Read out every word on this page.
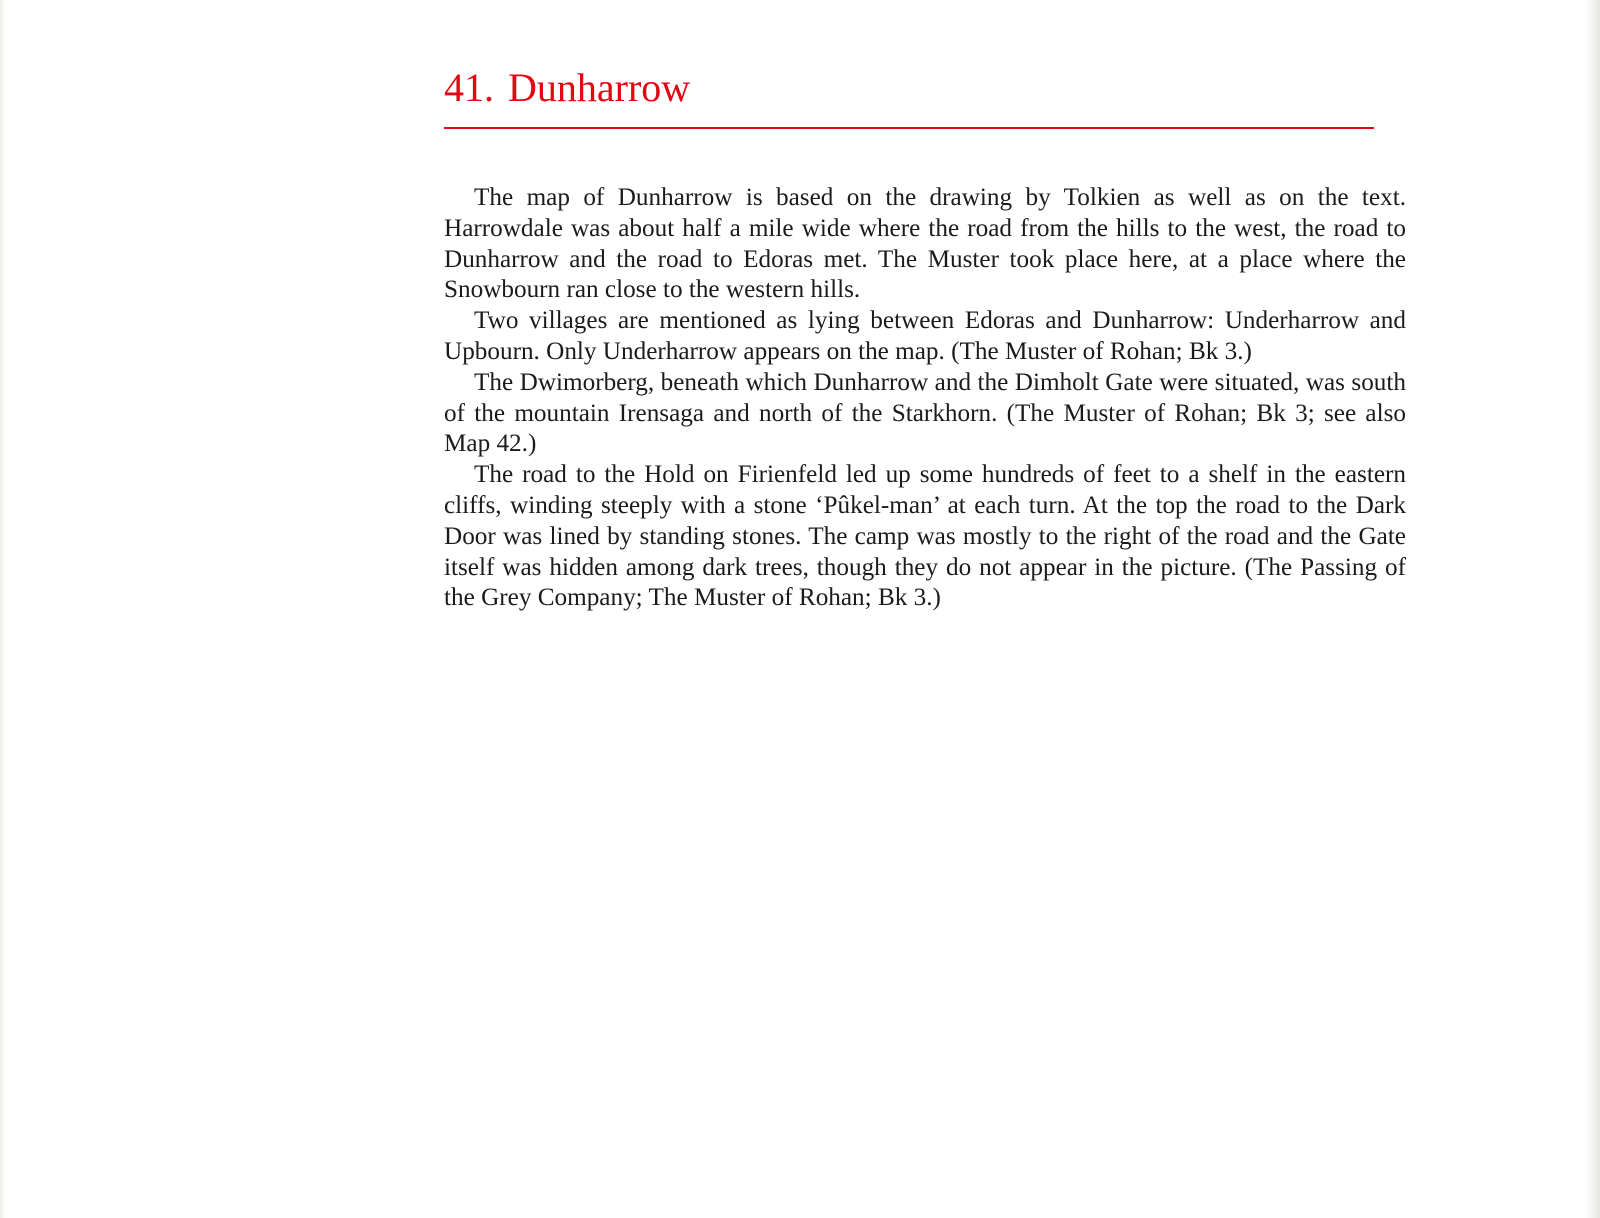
41. Dunharrow

The map of Dunharrow is based on the drawing by Tolkien as well as on the text. Harrowdale was about half a mile wide where the road from the hills to the west, the road to Dunharrow and the road to Edoras met. The Muster took place here, at a place where the Snowbourn ran close to the western hills.

Two villages are mentioned as lying between Edoras and Dunharrow: Underharrow and Upbourn. Only Underharrow appears on the map. (The Muster of Rohan; Bk 3.)

The Dwimorberg, beneath which Dunharrow and the Dimholt Gate were situated, was south of the mountain Irensaga and north of the Starkhorn. (The Muster of Rohan; Bk 3; see also Map 42.)

The road to the Hold on Firienfeld led up some hundreds of feet to a shelf in the eastern cliffs, winding steeply with a stone ‘Pûkel-man’ at each turn. At the top the road to the Dark Door was lined by standing stones. The camp was mostly to the right of the road and the Gate itself was hidden among dark trees, though they do not appear in the picture. (The Passing of the Grey Company; The Muster of Rohan; Bk 3.)
